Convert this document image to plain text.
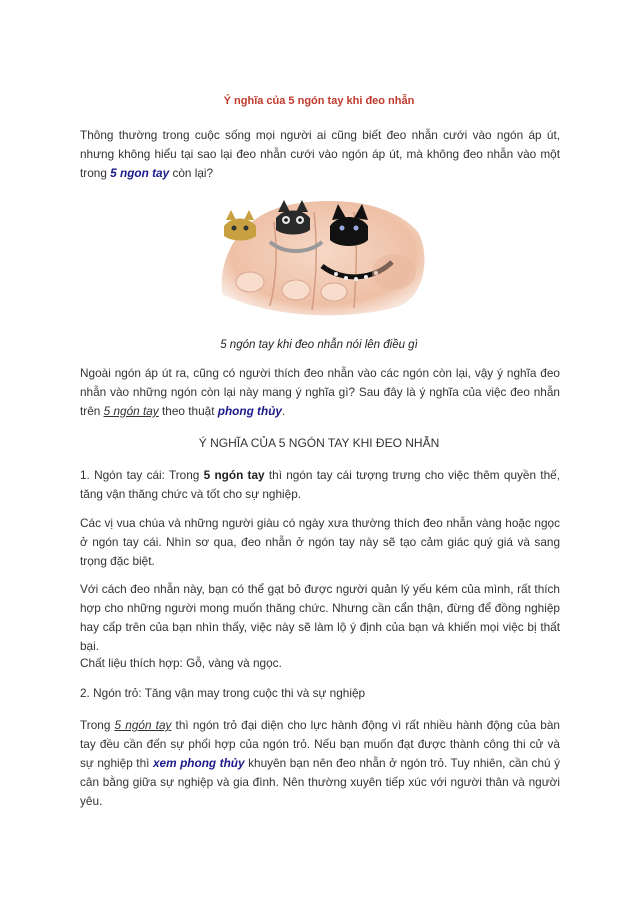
Ý nghĩa của 5 ngón tay khi đeo nhẫn

Thông thường trong cuộc sống mọi người ai cũng biết đeo nhẫn cưới vào ngón áp út, nhưng không hiểu tại sao lại đeo nhẫn cưới vào ngón áp út, mà không đeo nhẫn vào một trong 5 ngon tay còn lại?

5 ngón tay khi đeo nhẫn nói lên điều gì

Ngoài ngón áp út ra, cũng có người thích đeo nhẫn vào các ngón còn lại, vậy ý nghĩa đeo nhẫn vào những ngón còn lại này mang ý nghĩa gì? Sau đây là ý nghĩa của việc đeo nhẫn trên 5 ngón tay theo thuật phong thủy.

Ý NGHĨA CỦA 5 NGÓN TAY KHI ĐEO NHẪN

1. Ngón tay cái: Trong 5 ngón tay thì ngón tay cái tượng trưng cho việc thêm quyền thế, tăng vận thăng chức và tốt cho sự nghiệp.

Các vị vua chúa và những người giàu có ngày xưa thường thích đeo nhẫn vàng hoặc ngọc ở ngón tay cái. Nhìn sơ qua, đeo nhẫn ở ngón tay này sẽ tạo cảm giác quý giá và sang trọng đặc biệt.

Với cách đeo nhẫn này, bạn có thể gạt bỏ được người quản lý yếu kém của mình, rất thích hợp cho những người mong muốn thăng chức. Nhưng cần cẩn thận, đừng để đồng nghiệp hay cấp trên của bạn nhìn thấy, việc này sẽ làm lộ ý định của bạn và khiến mọi việc bị thất bại.

Chất liệu thích hợp: Gỗ, vàng và ngọc.

2. Ngón trỏ: Tăng vận may trong cuộc thi và sự nghiệp

Trong 5 ngón tay thì ngón trỏ đại diện cho lực hành động vì rất nhiều hành động của bàn tay đều cần đến sự phối hợp của ngón trỏ. Nếu bạn muốn đạt được thành công thi cử và sự nghiệp thì xem phong thủy khuyên bạn nên đeo nhẫn ở ngón trỏ. Tuy nhiên, cần chú ý cân bằng giữa sự nghiệp và gia đình. Nên thường xuyên tiếp xúc với người thân và người yêu.
